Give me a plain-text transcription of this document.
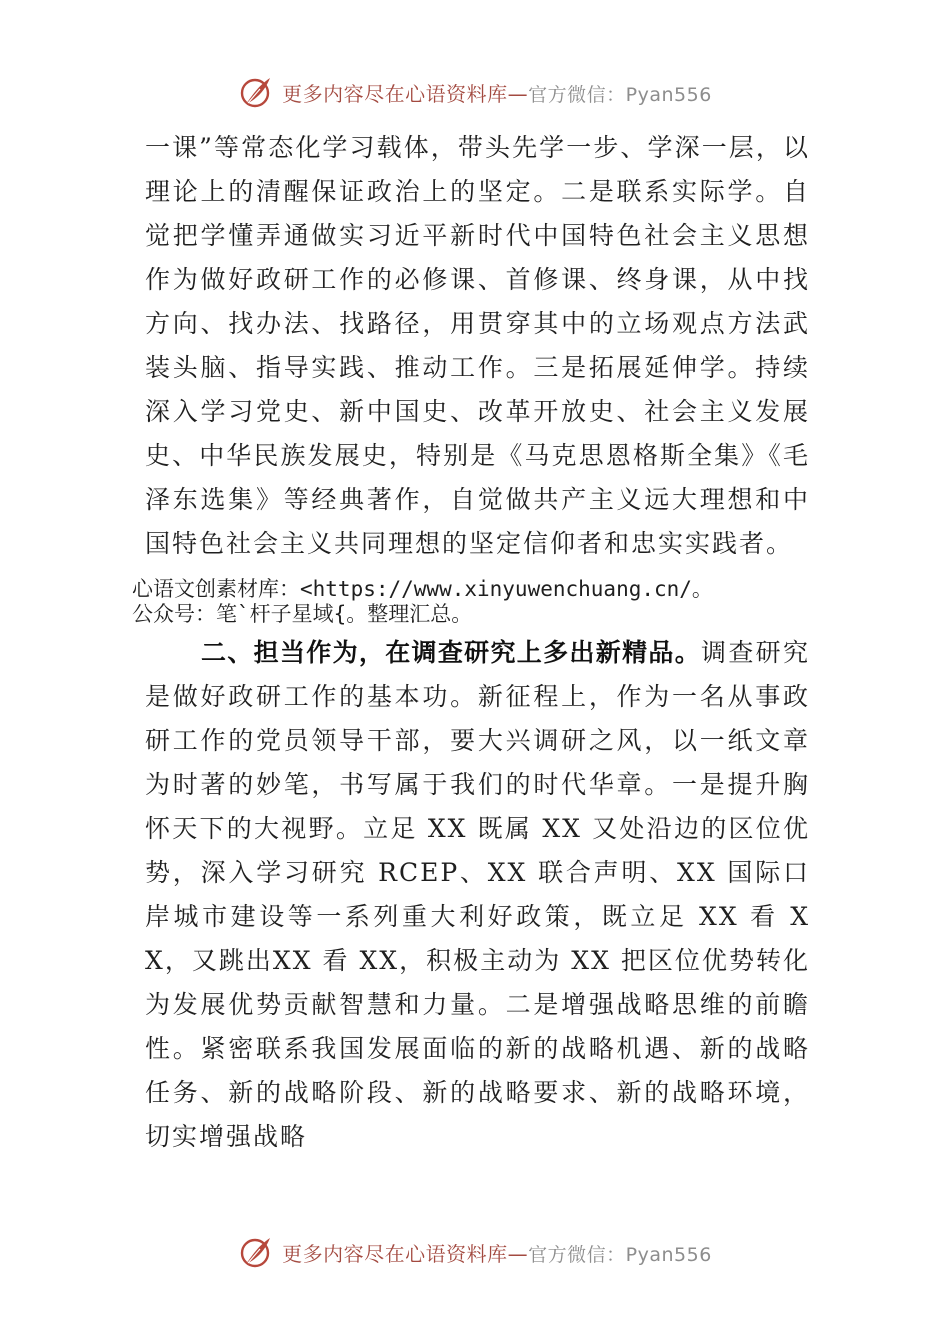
更多内容尽在心语资料库—官方微信：Pyan556

一课”等常态化学习载体，带头先学一步、学深一层，以理论上的清醒保证政治上的坚定。二是联系实际学。自觉把学懂弄通做实习近平新时代中国特色社会主义思想作为做好政研工作的必修课、首修课、终身课，从中找方向、找办法、找路径，用贯穿其中的立场观点方法武装头脑、指导实践、推动工作。三是拓展延伸学。持续深入学习党史、新中国史、改革开放史、社会主义发展史、中华民族发展史，特别是《马克思恩格斯全集》《毛泽东选集》等经典著作，自觉做共产主义远大理想和中国特色社会主义共同理想的坚定信仰者和忠实实践者。

心语文创素材库：<https://www.xinyuwenchuang.cn/。
公众号：笔`杆子星域{。整理汇总。

二、担当作为，在调查研究上多出新精品。调查研究是做好政研工作的基本功。新征程上，作为一名从事政研工作的党员领导干部，要大兴调研之风，以一纸文章为时著的妙笔，书写属于我们的时代华章。一是提升胸怀天下的大视野。立足 XX 既属 XX 又处沿边的区位优势，深入学习研究 RCEP、XX 联合声明、XX 国际口岸城市建设等一系列重大利好政策，既立足 XX 看 XX，又跳出XX 看 XX，积极主动为 XX 把区位优势转化为发展优势贡献智慧和力量。二是增强战略思维的前瞻性。紧密联系我国发展面临的新的战略机遇、新的战略任务、新的战略阶段、新的战略要求、新的战略环境，切实增强战略

更多内容尽在心语资料库—官方微信：Pyan556
